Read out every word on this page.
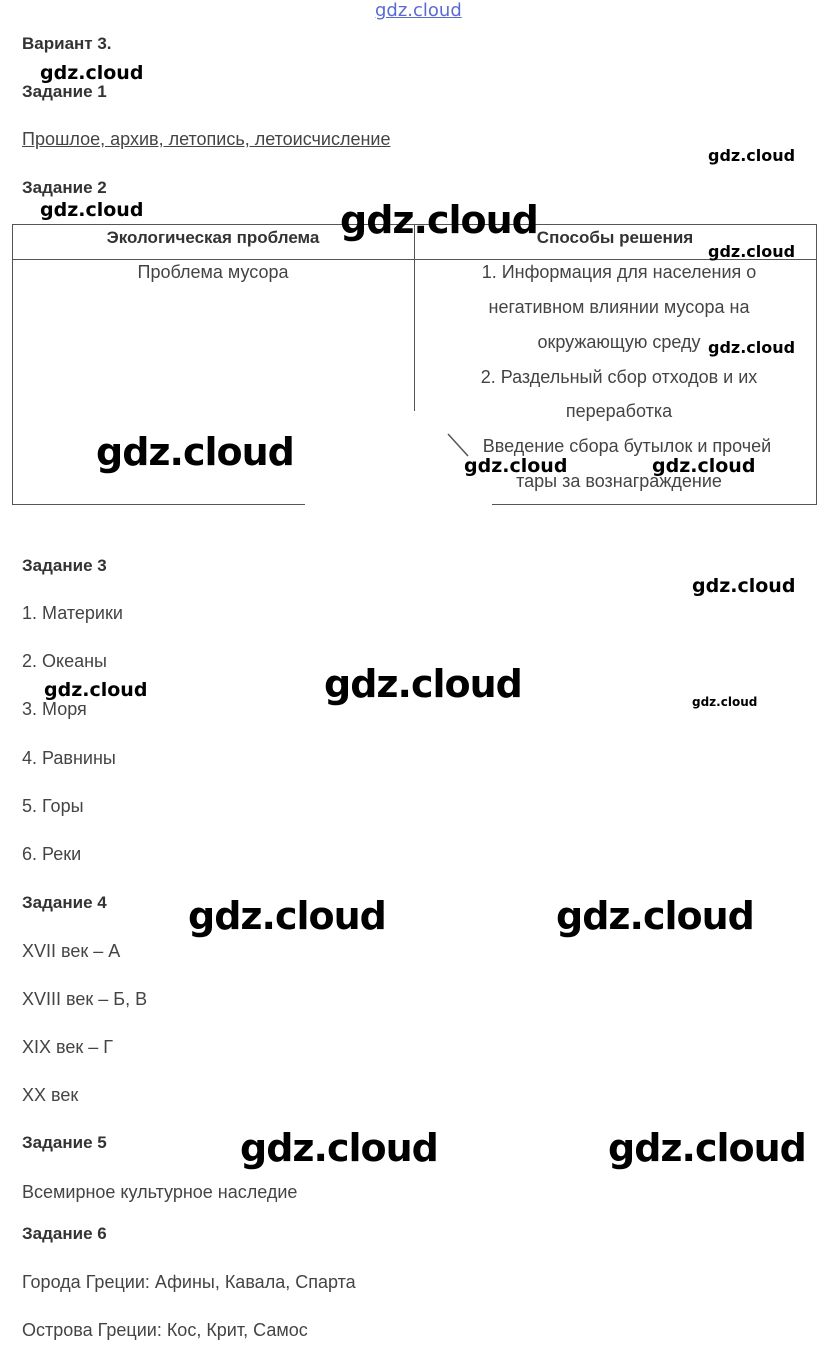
gdz.cloud
Вариант 3.
Задание 1
Прошлое, архив, летопись, летоисчисление
Задание 2
Экологическая проблема	Способы решения
Проблема мусора	1. Информация для населения о
негативном влиянии мусора на
окружающую среду
2. Раздельный сбор отходов и их
переработка
Введение сбора бутылок и прочей
тары за вознаграждение
Задание 3
1. Материки
2. Океаны
3. Моря
4. Равнины
5. Горы
6. Реки
Задание 4
XVII век – А
XVIII век – Б, В
XIX век – Г
XX век
Задание 5
Всемирное культурное наследие
Задание 6
Города Греции: Афины, Кавала, Спарта
Острова Греции: Кос, Крит, Самос
gdz.cloud
gdz.cloud
gdz.cloud	gdz.cloud
gdz.cloud
gdz.cloud
gdz.cloud	gdz.cloud	gdz.cloud
gdz.cloud
gdz.cloud
gdz.cloud
gdz.cloud
gdz.cloud	gdz.cloud
gdz.cloud	gdz.cloud
